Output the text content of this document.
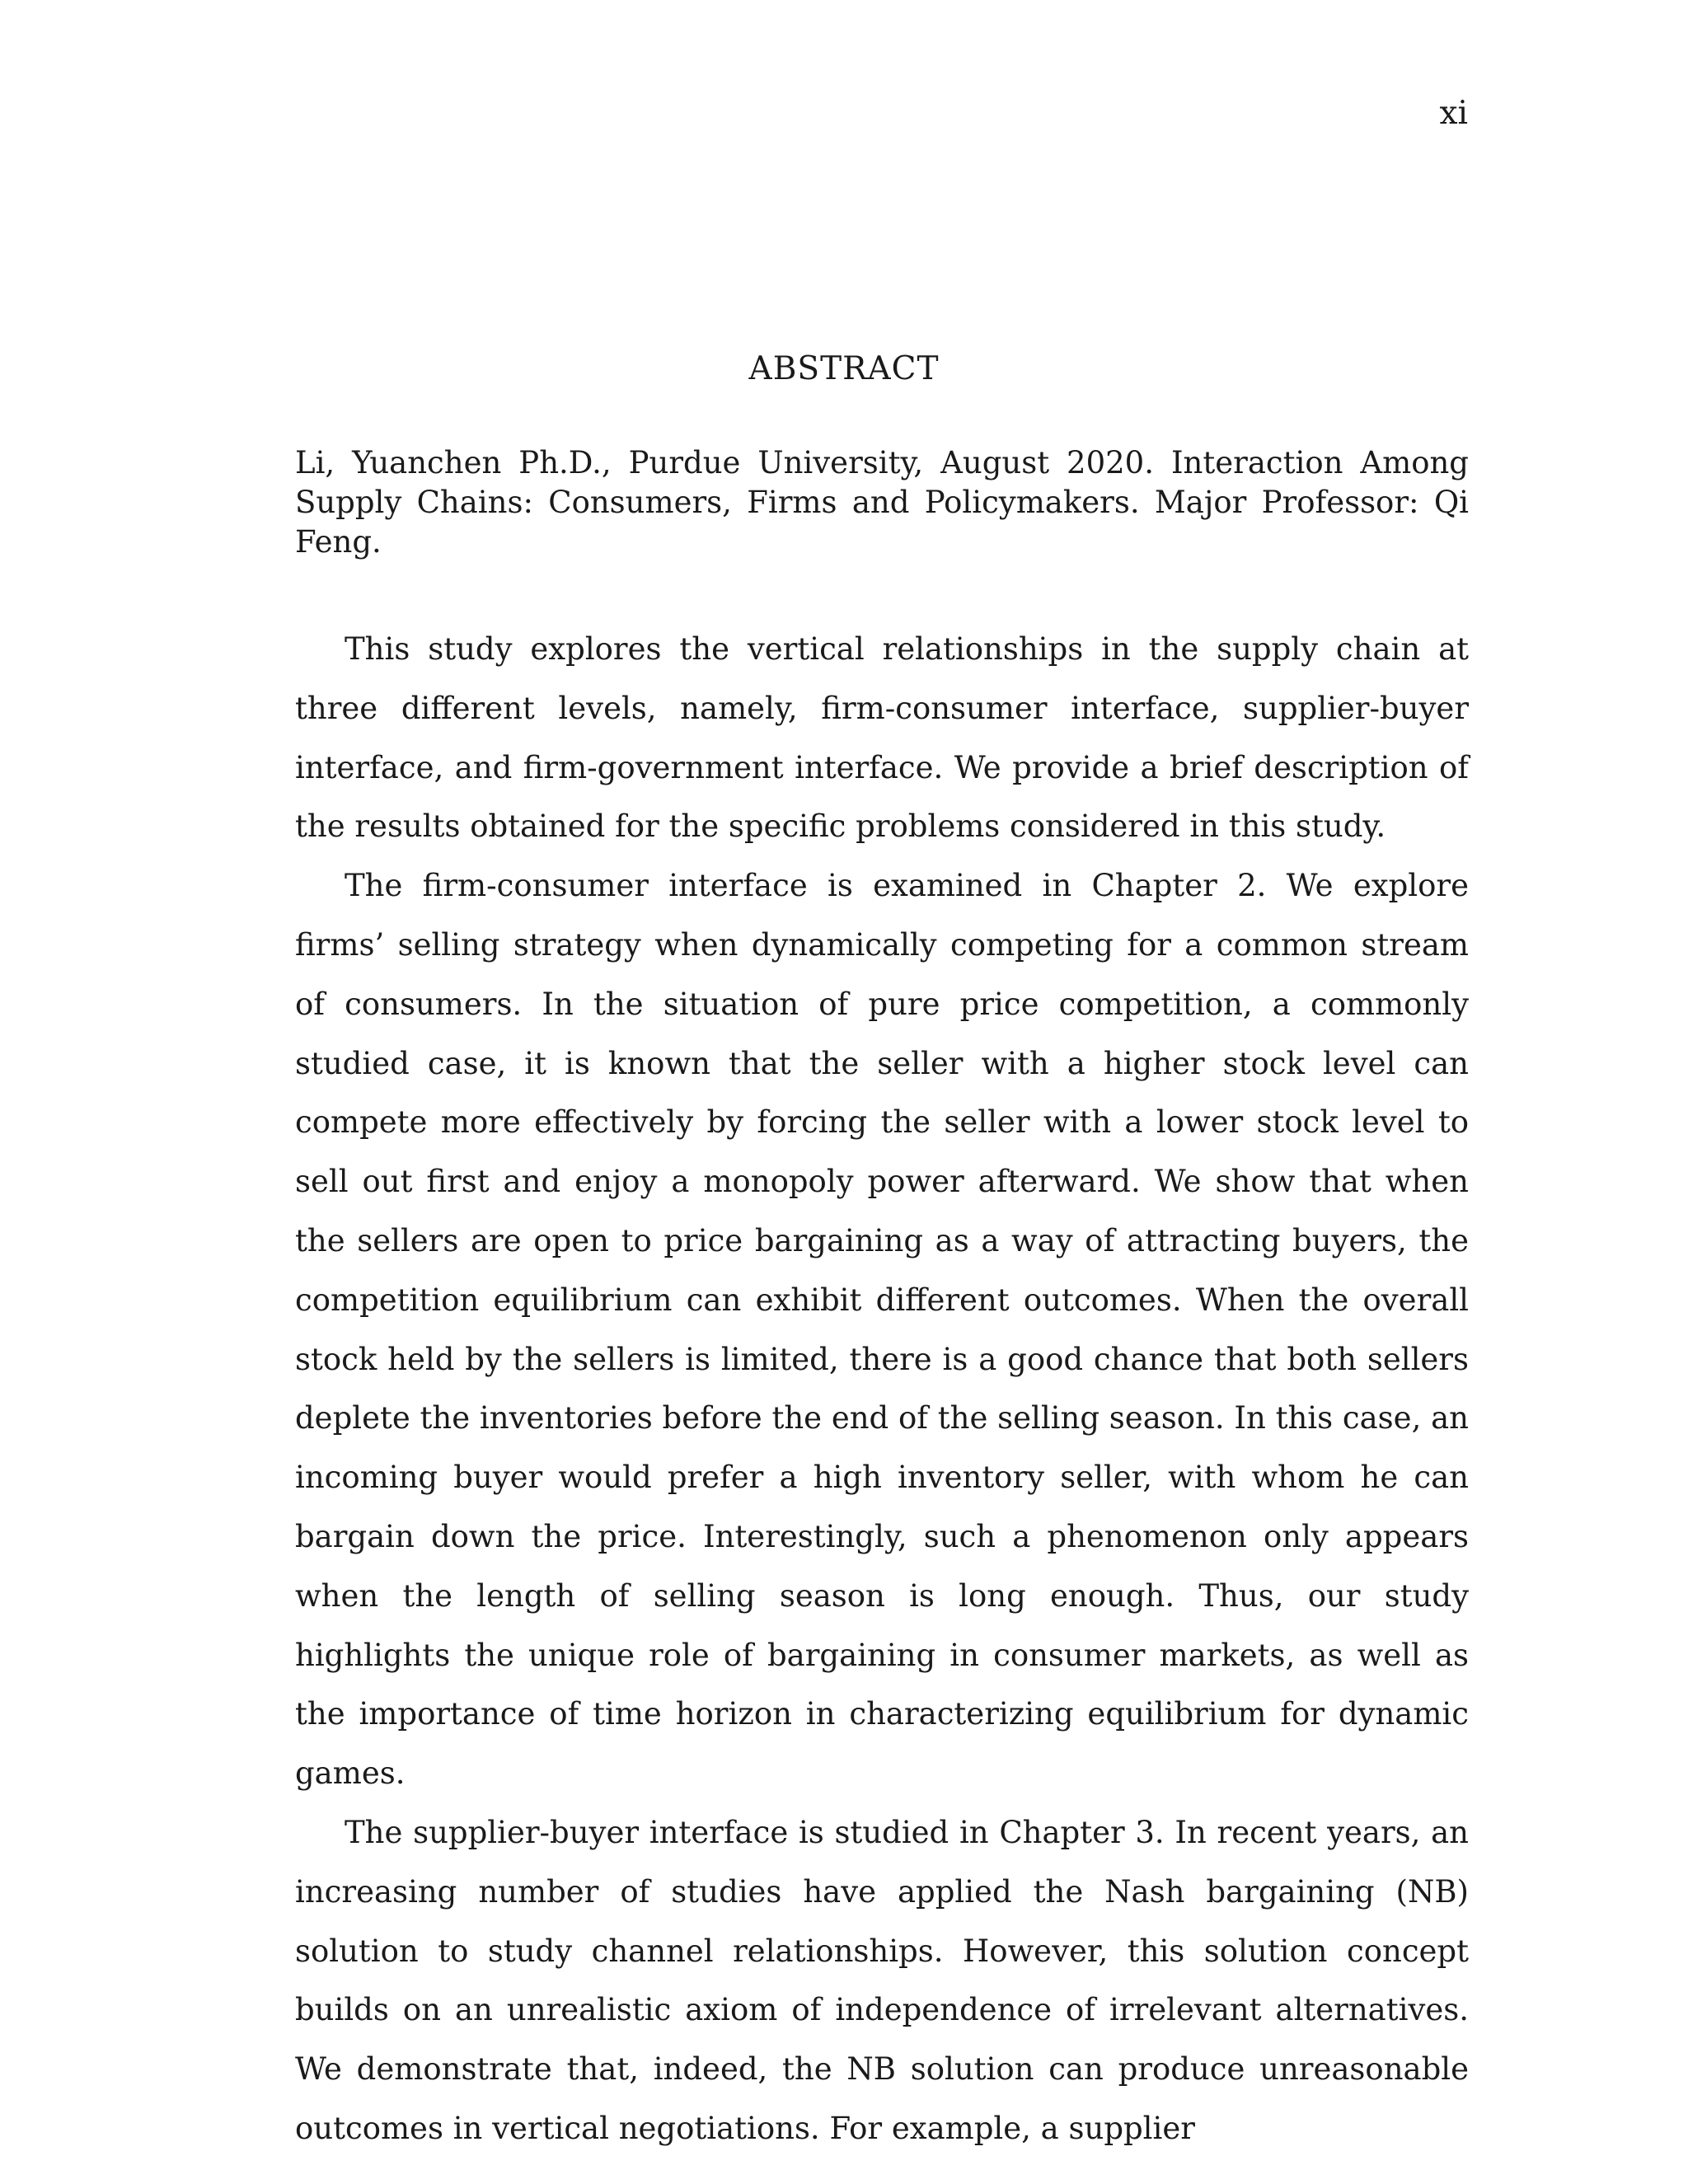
xi
ABSTRACT

Li, Yuanchen Ph.D., Purdue University, August 2020. Interaction Among Supply Chains: Consumers, Firms and Policymakers. Major Professor: Qi Feng.

This study explores the vertical relationships in the supply chain at three different levels, namely, firm-consumer interface, supplier-buyer interface, and firm-government interface. We provide a brief description of the results obtained for the specific problems considered in this study.

The firm-consumer interface is examined in Chapter 2. We explore firms’ selling strategy when dynamically competing for a common stream of consumers. In the situation of pure price competition, a commonly studied case, it is known that the seller with a higher stock level can compete more effectively by forcing the seller with a lower stock level to sell out first and enjoy a monopoly power afterward. We show that when the sellers are open to price bargaining as a way of attracting buyers, the competition equilibrium can exhibit different outcomes. When the overall stock held by the sellers is limited, there is a good chance that both sellers deplete the inventories before the end of the selling season. In this case, an incoming buyer would prefer a high inventory seller, with whom he can bargain down the price. Interestingly, such a phenomenon only appears when the length of selling season is long enough. Thus, our study highlights the unique role of bargaining in consumer markets, as well as the importance of time horizon in characterizing equilibrium for dynamic games.

The supplier-buyer interface is studied in Chapter 3. In recent years, an increasing number of studies have applied the Nash bargaining (NB) solution to study channel relationships. However, this solution concept builds on an unrealistic axiom of independence of irrelevant alternatives. We demonstrate that, indeed, the NB solution can produce unreasonable outcomes in vertical negotiations. For example, a supplier
